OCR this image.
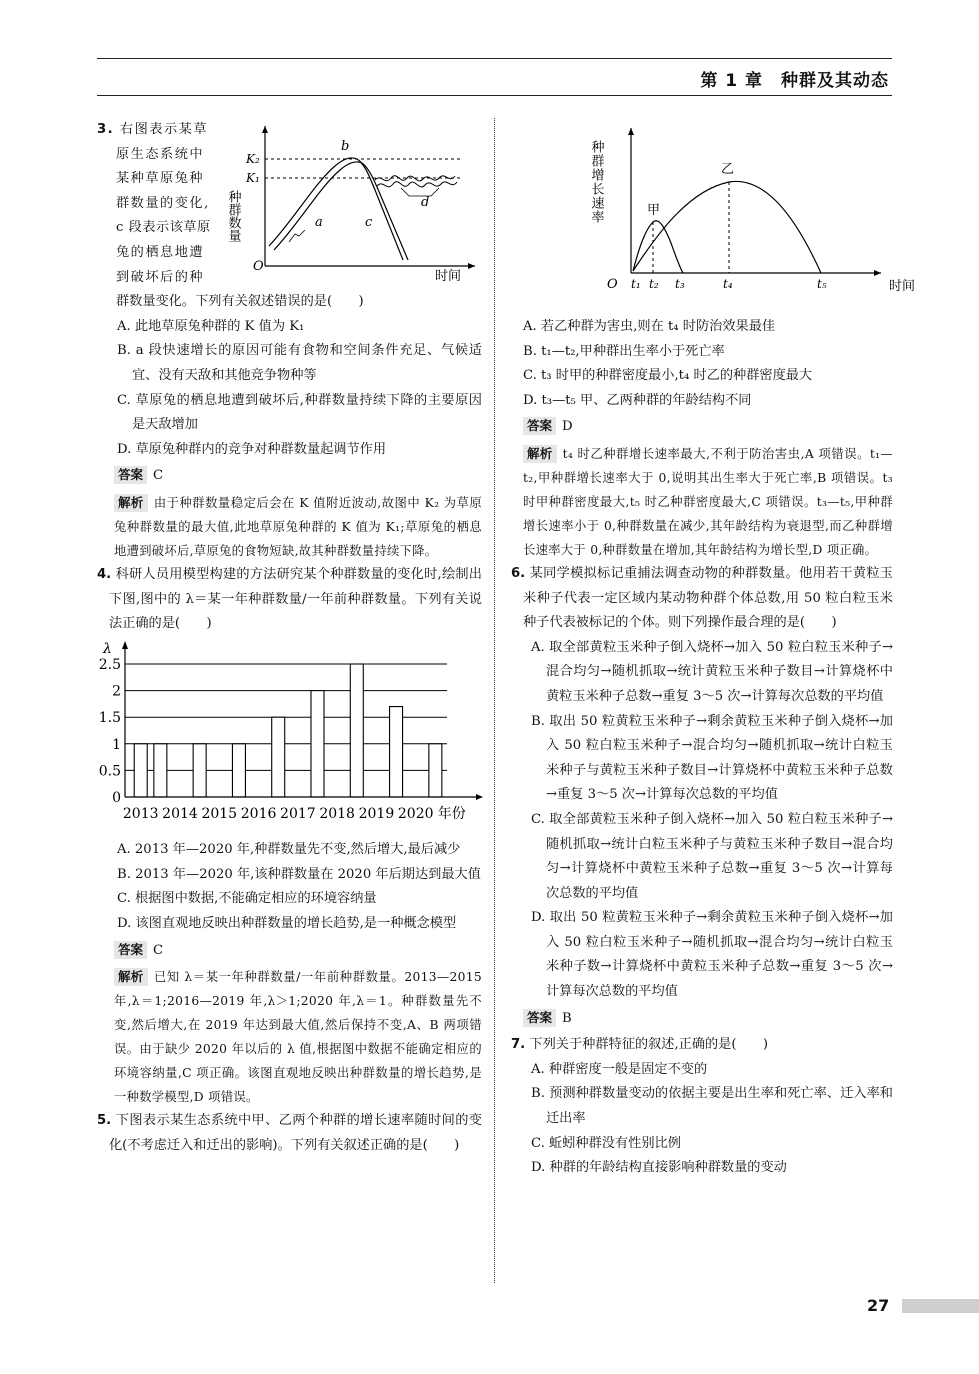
第 1 章　种群及其动态
3. 右图表示某草
原生态系统中
某种草原兔种
群数量的变化,
c 段表示该草原
兔的栖息地遭
到破坏后的种
种群数量
O
时间
K₂
K₁
b
a	c
d

群数量变化。下列有关叙述错误的是(　　)

A. 此地草原兔种群的 K 值为 K₁

B. a 段快速增长的原因可能有食物和空间条件充足、气候适宜、没有天敌和其他竞争物种等

C. 草原兔的栖息地遭到破坏后,种群数量持续下降的主要原因是天敌增加

D. 草原兔种群内的竞争对种群数量起调节作用

答案 C

解析 由于种群数量稳定后会在 K 值附近波动,故图中 K₂ 为草原兔种群数量的最大值,此地草原兔种群的 K 值为 K₁;草原兔的栖息地遭到破坏后,草原兔的食物短缺,故其种群数量持续下降。

4. 科研人员用模型构建的方法研究某个种群数量的变化时,绘制出下图,图中的 λ＝某一年种群数量/一年前种群数量。下列有关说法正确的是(　　)

0
0.5
1
1.5
2
2.5
λ
2013 2014 2015 2016 2017 2018 2019 2020 年份

A. 2013 年—2020 年,种群数量先不变,然后增大,最后减少

B. 2013 年—2020 年,该种群数量在 2020 年后期达到最大值

C. 根据图中数据,不能确定相应的环境容纳量

D. 该图直观地反映出种群数量的增长趋势,是一种概念模型

答案 C

解析 已知 λ＝某一年种群数量/一年前种群数量。2013—2015 年,λ＝1;2016—2019 年,λ＞1;2020 年,λ＝1。种群数量先不变,然后增大,在 2019 年达到最大值,然后保持不变,A、B 两项错误。由于缺少 2020 年以后的 λ 值,根据图中数据不能确定相应的环境容纳量,C 项正确。该图直观地反映出种群数量的增长趋势,是一种数学模型,D 项错误。

5. 下图表示某生态系统中甲、乙两个种群的增长速率随时间的变化(不考虑迁入和迁出的影响)。下列有关叙述正确的是(　　)

种群增长速率
O	时间
甲
乙
t₁ t₂ t₃	t₄	t₅

A. 若乙种群为害虫,则在 t₄ 时防治效果最佳

B. t₁—t₂,甲种群出生率小于死亡率

C. t₃ 时甲的种群密度最小,t₄ 时乙的种群密度最大

D. t₃—t₅ 甲、乙两种群的年龄结构不同

答案 D

解析 t₄ 时乙种群增长速率最大,不利于防治害虫,A 项错误。t₁—t₂,甲种群增长速率大于 0,说明其出生率大于死亡率,B 项错误。t₃ 时甲种群密度最大,t₅ 时乙种群密度最大,C 项错误。t₃—t₅,甲种群增长速率小于 0,种群数量在减少,其年龄结构为衰退型,而乙种群增长速率大于 0,种群数量在增加,其年龄结构为增长型,D 项正确。

6. 某同学模拟标记重捕法调查动物的种群数量。他用若干黄粒玉米种子代表一定区域内某动物种群个体总数,用 50 粒白粒玉米种子代表被标记的个体。则下列操作最合理的是(　　)

A. 取全部黄粒玉米种子倒入烧杯→加入 50 粒白粒玉米种子→混合均匀→随机抓取→统计黄粒玉米种子数目→计算烧杯中黄粒玉米种子总数→重复 3～5 次→计算每次总数的平均值

B. 取出 50 粒黄粒玉米种子→剩余黄粒玉米种子倒入烧杯→加入 50 粒白粒玉米种子→混合均匀→随机抓取→统计白粒玉米种子与黄粒玉米种子数目→计算烧杯中黄粒玉米种子总数→重复 3～5 次→计算每次总数的平均值

C. 取全部黄粒玉米种子倒入烧杯→加入 50 粒白粒玉米种子→随机抓取→统计白粒玉米种子与黄粒玉米种子数目→混合均匀→计算烧杯中黄粒玉米种子总数→重复 3～5 次→计算每次总数的平均值

D. 取出 50 粒黄粒玉米种子→剩余黄粒玉米种子倒入烧杯→加入 50 粒白粒玉米种子→随机抓取→混合均匀→统计白粒玉米种子数→计算烧杯中黄粒玉米种子总数→重复 3～5 次→计算每次总数的平均值

答案 B

7. 下列关于种群特征的叙述,正确的是(　　)

A. 种群密度一般是固定不变的

B. 预测种群数量变动的依据主要是出生率和死亡率、迁入率和迁出率

C. 蚯蚓种群没有性别比例

D. 种群的年龄结构直接影响种群数量的变动

27
